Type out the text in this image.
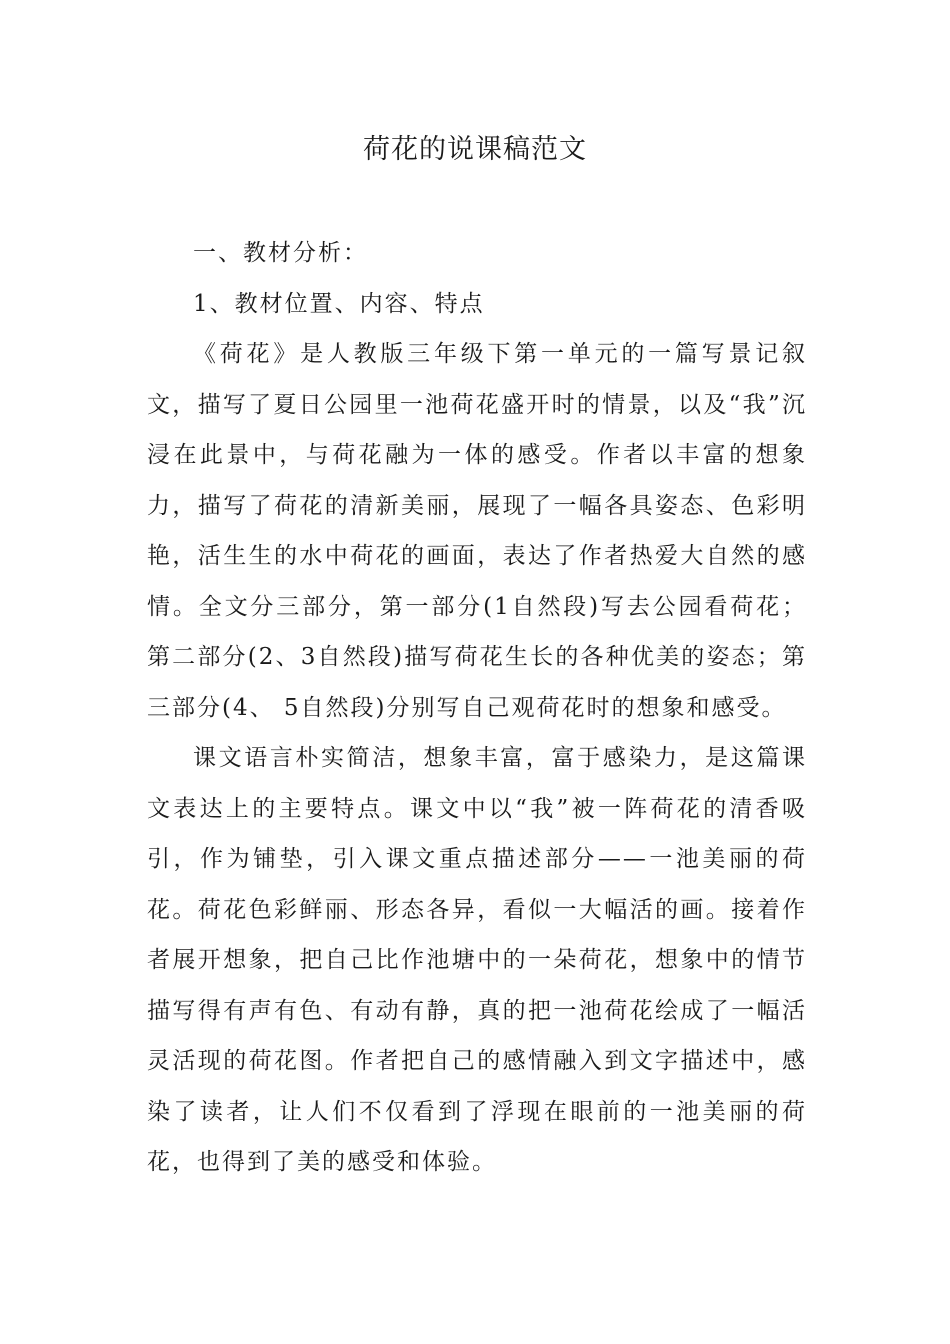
荷花的说课稿范文

一、教材分析：

1、教材位置、内容、特点

《荷花》是人教版三年级下第一单元的一篇写景记叙文，描写了夏日公园里一池荷花盛开时的情景，以及“我”沉浸在此景中，与荷花融为一体的感受。作者以丰富的想象力，描写了荷花的清新美丽，展现了一幅各具姿态、色彩明艳，活生生的水中荷花的画面，表达了作者热爱大自然的感情。全文分三部分，第一部分(1自然段)写去公园看荷花；第二部分(2、3自然段)描写荷花生长的各种优美的姿态；第三部分(4、 5自然段)分别写自己观荷花时的想象和感受。

课文语言朴实简洁，想象丰富，富于感染力，是这篇课文表达上的主要特点。课文中以“我”被一阵荷花的清香吸引，作为铺垫，引入课文重点描述部分——一池美丽的荷花。荷花色彩鲜丽、形态各异，看似一大幅活的画。接着作者展开想象，把自己比作池塘中的一朵荷花，想象中的情节描写得有声有色、有动有静，真的把一池荷花绘成了一幅活灵活现的荷花图。作者把自己的感情融入到文字描述中，感染了读者，让人们不仅看到了浮现在眼前的一池美丽的荷花，也得到了美的感受和体验。
